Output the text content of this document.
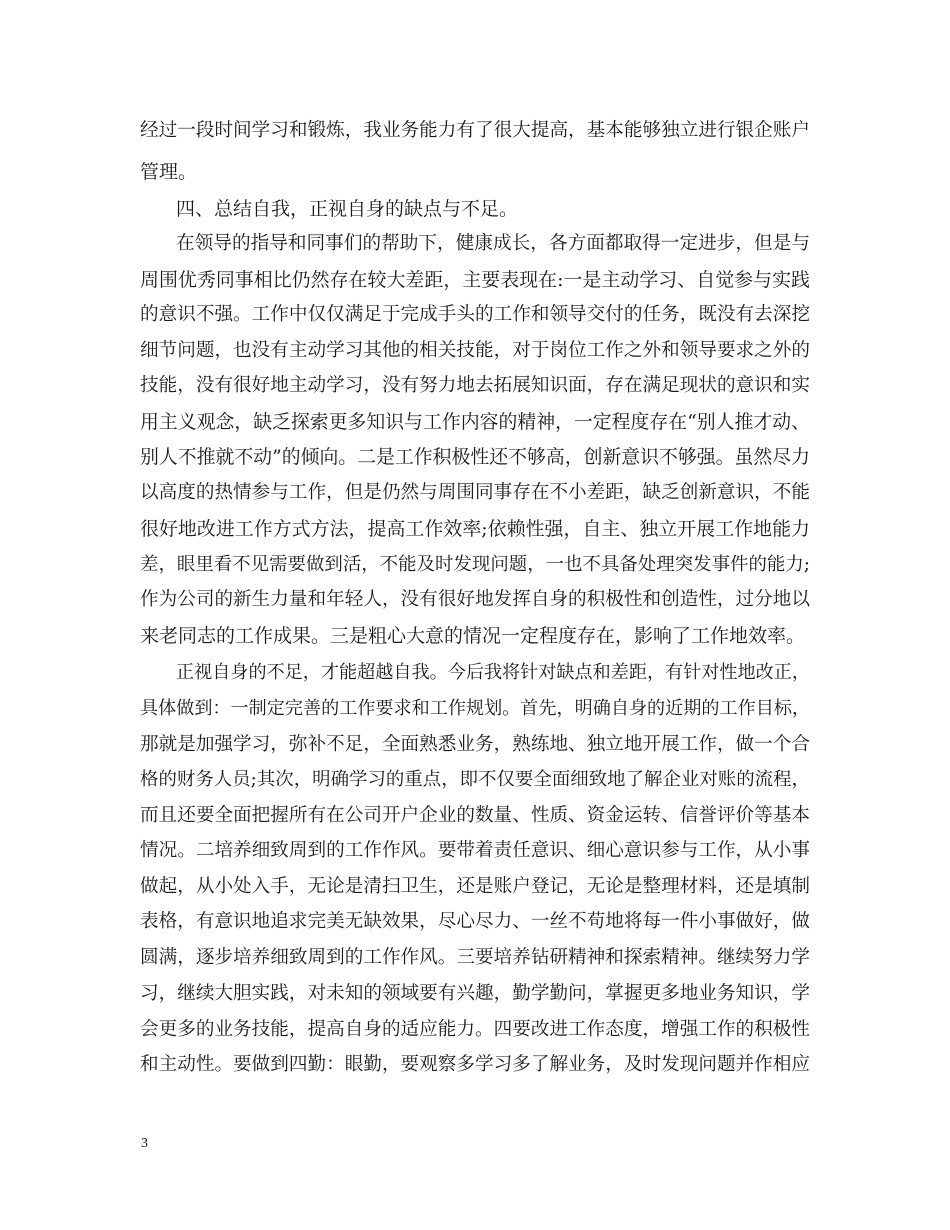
经过一段时间学习和锻炼，我业务能力有了很大提高，基本能够独立进行银企账户
管理。
四、总结自我，正视自身的缺点与不足。
在领导的指导和同事们的帮助下，健康成长，各方面都取得一定进步，但是与
周围优秀同事相比仍然存在较大差距，主要表现在:一是主动学习、自觉参与实践
的意识不强。工作中仅仅满足于完成手头的工作和领导交付的任务，既没有去深挖
细节问题，也没有主动学习其他的相关技能，对于岗位工作之外和领导要求之外的
技能，没有很好地主动学习，没有努力地去拓展知识面，存在满足现状的意识和实
用主义观念，缺乏探索更多知识与工作内容的精神，一定程度存在“别人推才动、
别人不推就不动”的倾向。二是工作积极性还不够高，创新意识不够强。虽然尽力
以高度的热情参与工作，但是仍然与周围同事存在不小差距，缺乏创新意识，不能
很好地改进工作方式方法，提高工作效率;依赖性强，自主、独立开展工作地能力
差，眼里看不见需要做到活，不能及时发现问题，一也不具备处理突发事件的能力;
作为公司的新生力量和年轻人，没有很好地发挥自身的积极性和创造性，过分地以
来老同志的工作成果。三是粗心大意的情况一定程度存在，影响了工作地效率。
正视自身的不足，才能超越自我。今后我将针对缺点和差距，有针对性地改正，
具体做到：一制定完善的工作要求和工作规划。首先，明确自身的近期的工作目标，
那就是加强学习，弥补不足，全面熟悉业务，熟练地、独立地开展工作，做一个合
格的财务人员;其次，明确学习的重点，即不仅要全面细致地了解企业对账的流程，
而且还要全面把握所有在公司开户企业的数量、性质、资金运转、信誉评价等基本
情况。二培养细致周到的工作作风。要带着责任意识、细心意识参与工作，从小事
做起，从小处入手，无论是清扫卫生，还是账户登记，无论是整理材料，还是填制
表格，有意识地追求完美无缺效果，尽心尽力、一丝不苟地将每一件小事做好，做
圆满，逐步培养细致周到的工作作风。三要培养钻研精神和探索精神。继续努力学
习，继续大胆实践，对未知的领域要有兴趣，勤学勤问，掌握更多地业务知识，学
会更多的业务技能，提高自身的适应能力。四要改进工作态度，增强工作的积极性
和主动性。要做到四勤：眼勤，要观察多学习多了解业务，及时发现问题并作相应
3
